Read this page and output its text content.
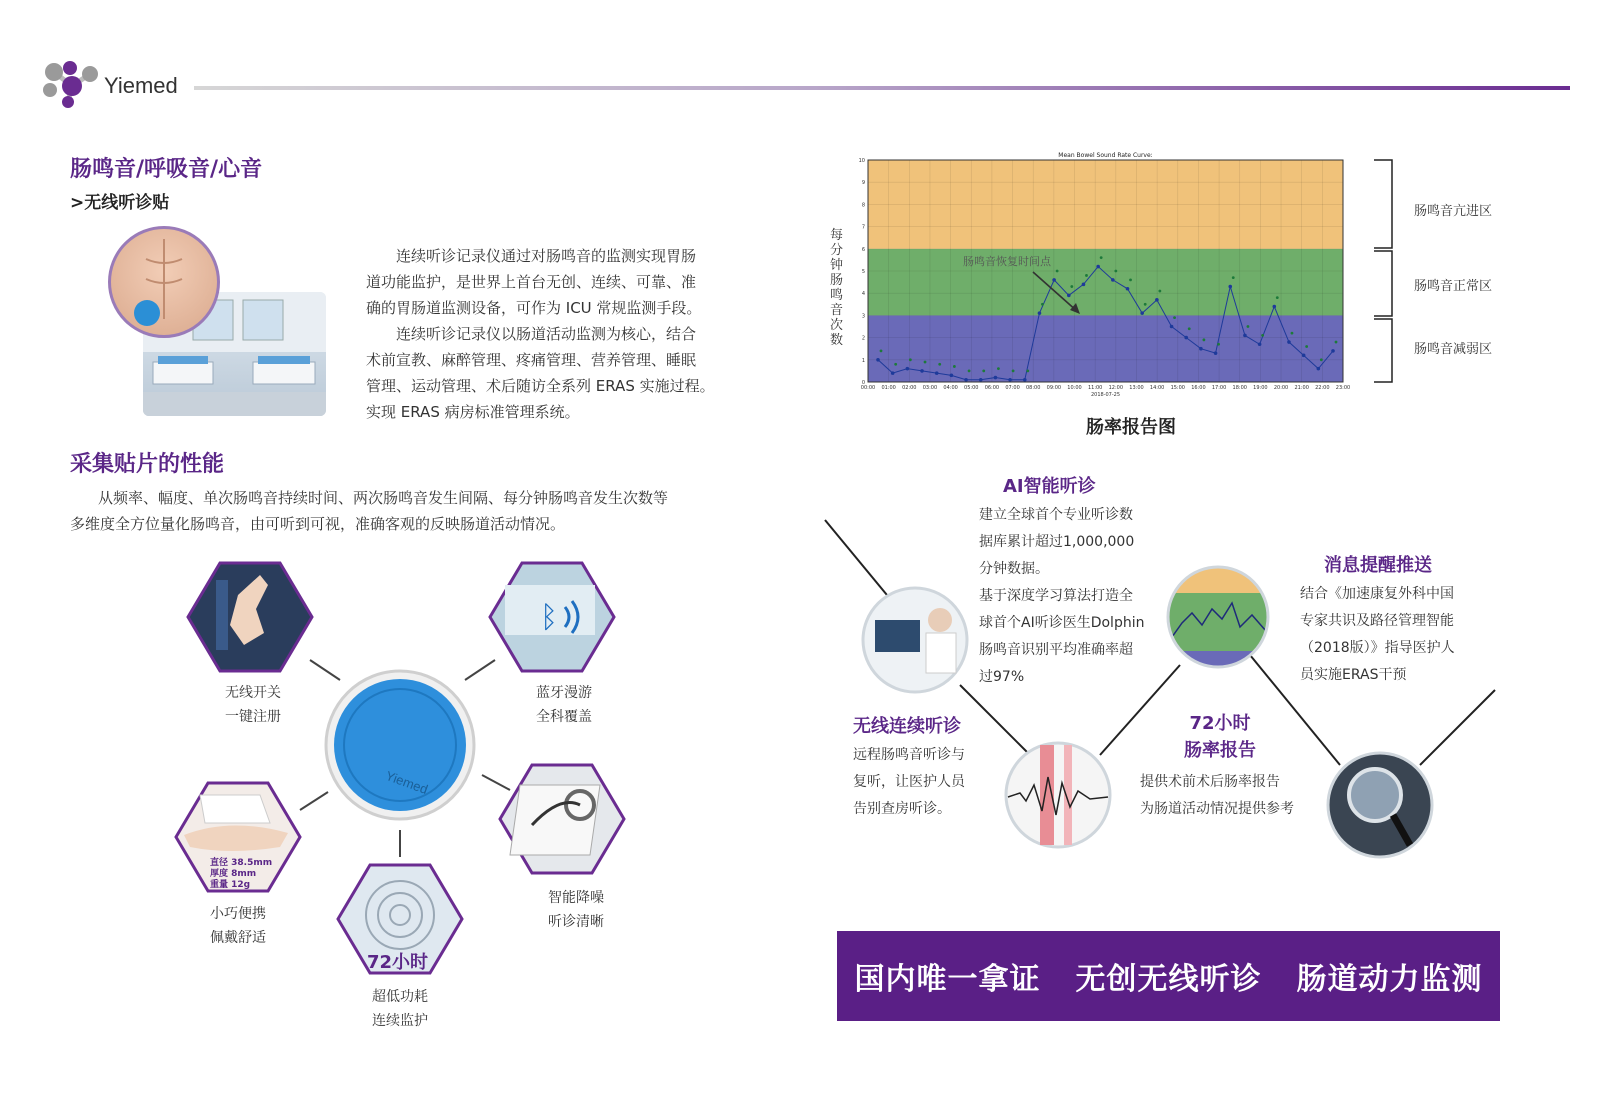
Yiemed
肠鸣音/呼吸音/心音
>无线听诊贴
连续听诊记录仪通过对肠鸣音的监测实现胃肠
道功能监护，是世界上首台无创、连续、可靠、准
确的胃肠道监测设备，可作为 ICU 常规监测手段。
连续听诊记录仪以肠道活动监测为核心，结合
术前宣教、麻醉管理、疼痛管理、营养管理、睡眠
管理、运动管理、术后随访全系列 ERAS 实施过程。
实现 ERAS 病房标准管理系统。
采集贴片的性能
从频率、幅度、单次肠鸣音持续时间、两次肠鸣音发生间隔、每分钟肠鸣音发生次数等
多维度全方位量化肠鸣音，由可听到可视，准确客观的反映肠道活动情况。
ᛒ
Yiemed
无线开关
一键注册
蓝牙漫游
全科覆盖
智能降噪
听诊清晰
超低功耗
连续监护
小巧便携
佩戴舒适
直径 38.5mm
厚度 8mm
重量 12g
72小时
每分钟肠鸣音次数
0
1
2
3
4
5
6
7
8
9
10
00:00 01:00 02:00 03:00 04:00 05:00 06:00 07:00 08:00 09:00 10:00 11:00 12:00 13:00 14:00 15:00 16:00 17:00 18:00 19:00 20:00 21:00 22:00 23:00
2018-07-25
Mean Bowel Sound Rate Curve:
肠鸣音恢复时间点
肠鸣音亢进区
肠鸣音正常区
肠鸣音减弱区
肠率报告图
AI智能听诊
建立全球首个专业听诊数
据库累计超过1,000,000
分钟数据。
基于深度学习算法打造全
球首个AI听诊医生Dolphin
肠鸣音识别平均准确率超
过97%
消息提醒推送
结合《加速康复外科中国
专家共识及路径管理智能
（2018版）》指导医护人
员实施ERAS干预
无线连续听诊
远程肠鸣音听诊与
复听，让医护人员
告别查房听诊。
72小时
肠率报告
提供术前术后肠率报告
为肠道活动情况提供参考
国内唯一拿证 无创无线听诊 肠道动力监测
